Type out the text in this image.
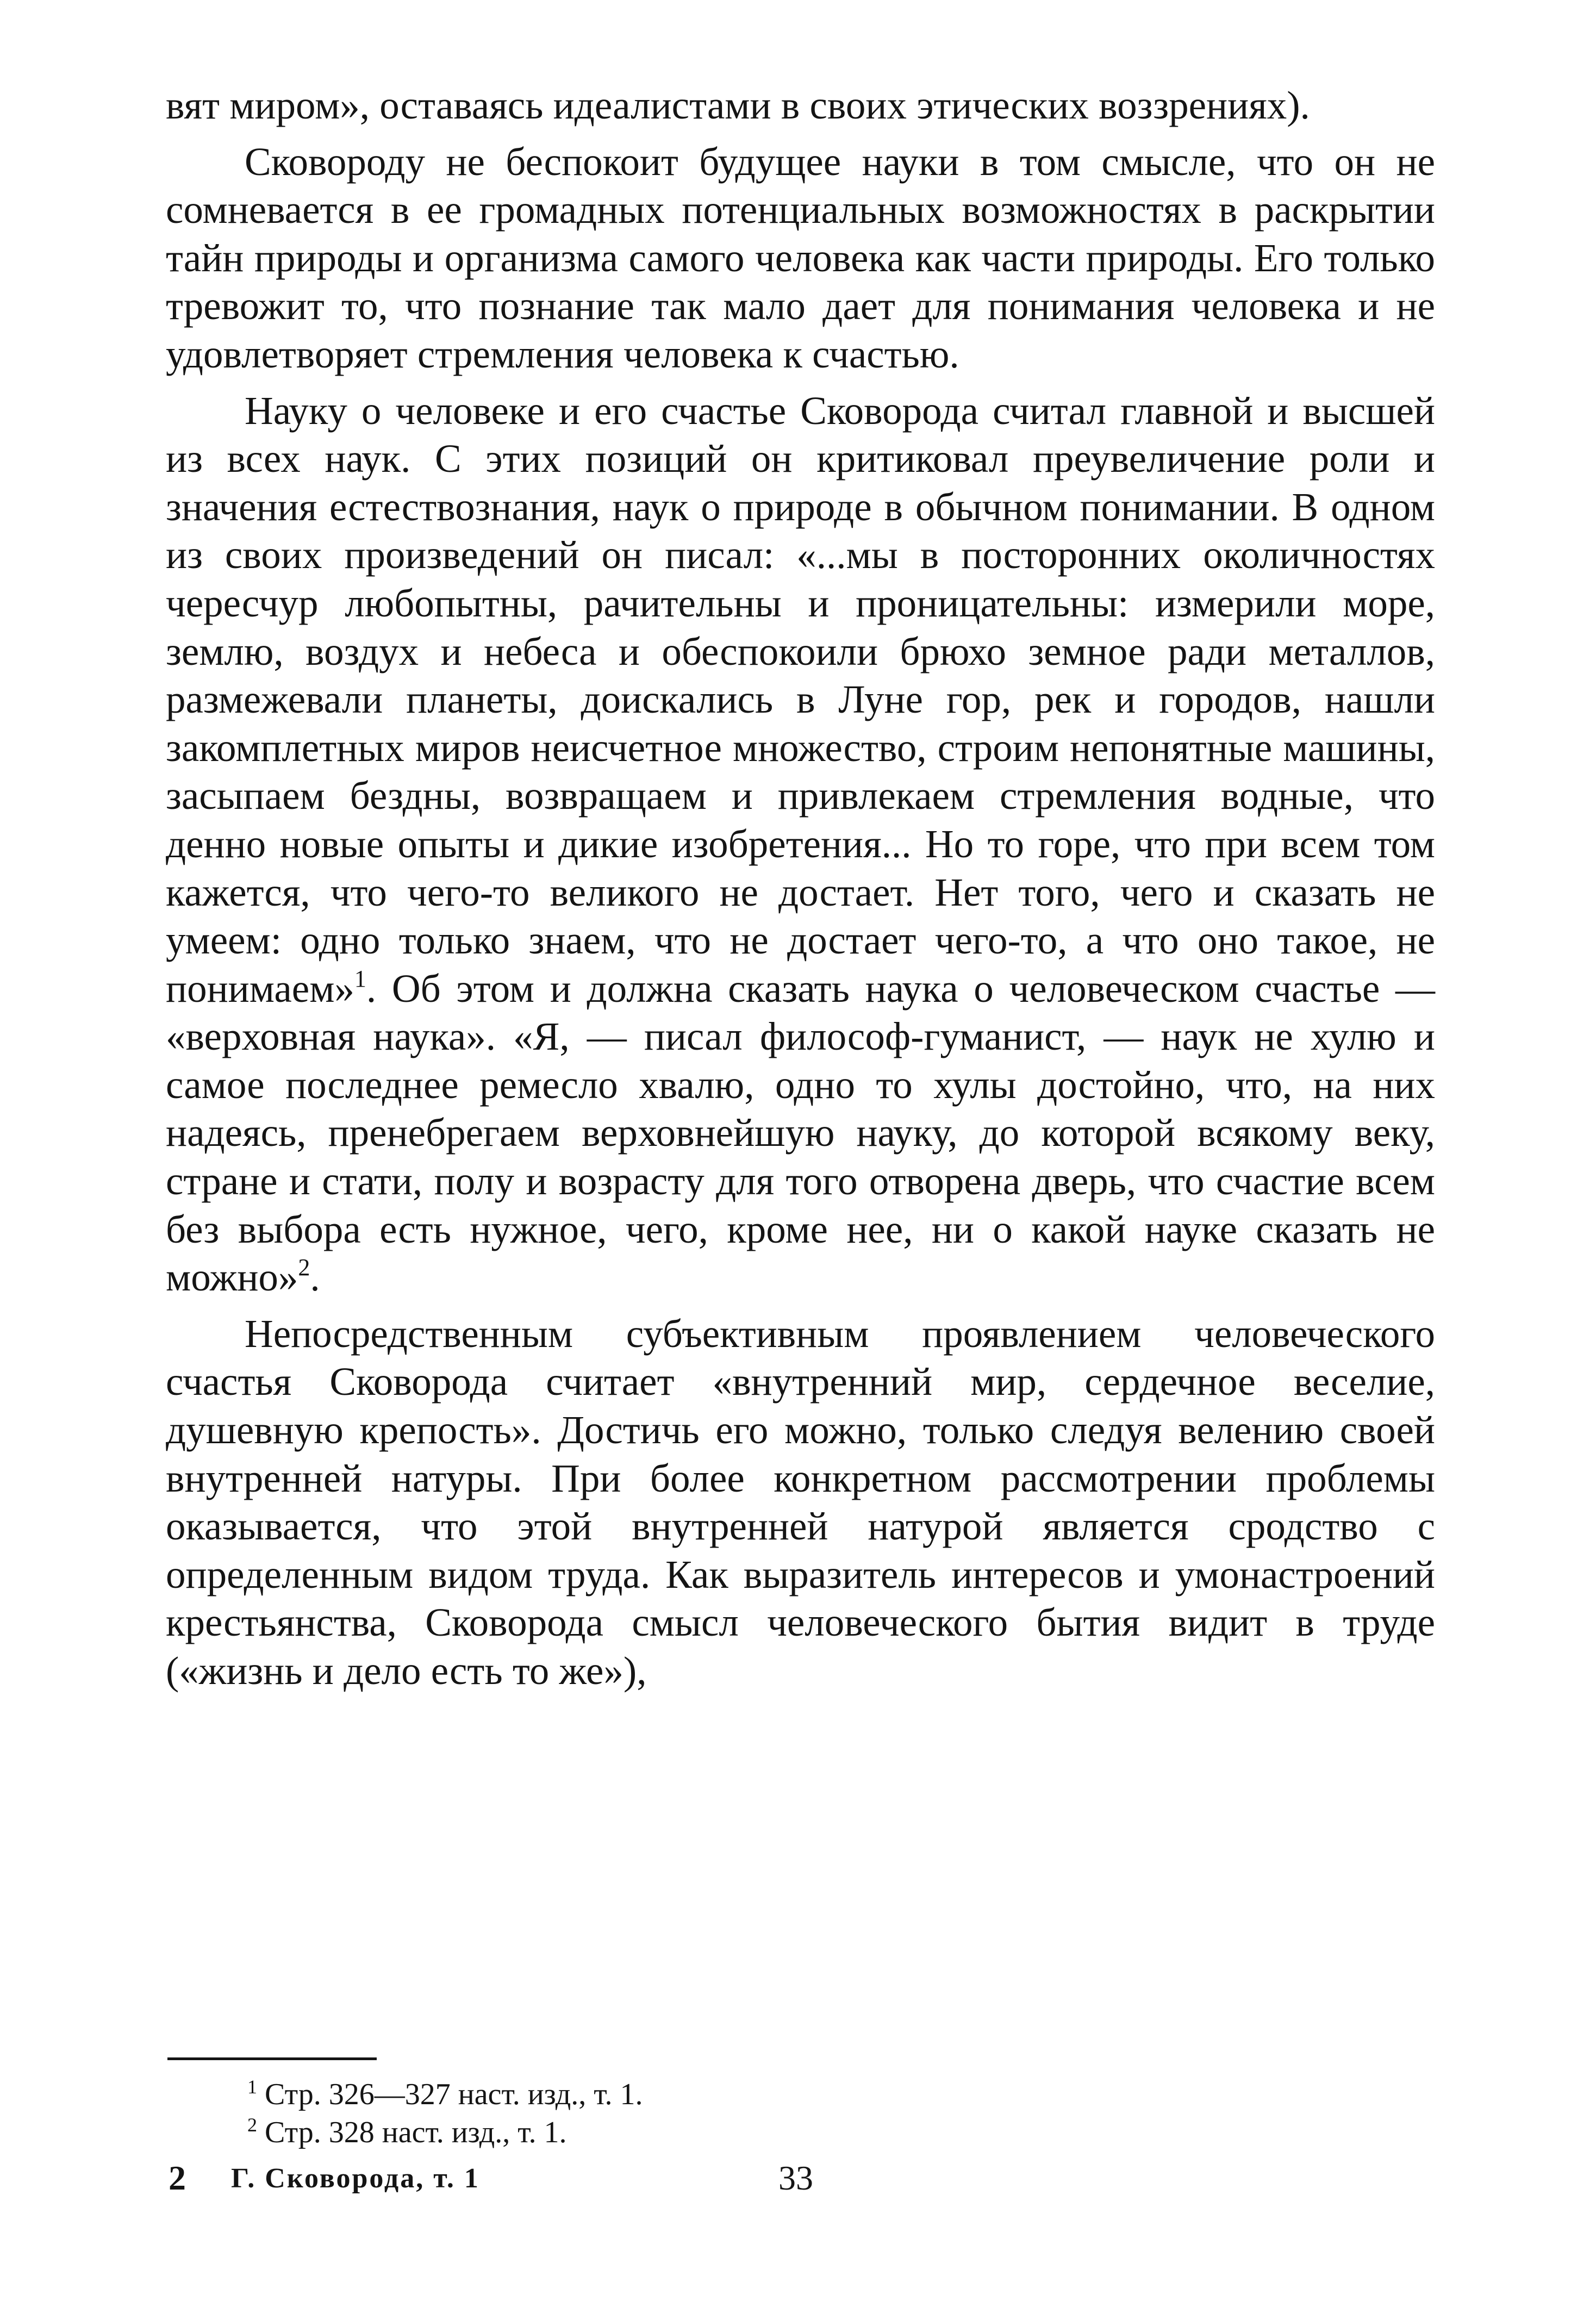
вят миром», оставаясь идеалистами в своих этических воззрениях).

Сковороду не беспокоит будущее науки в том смысле, что он не сомневается в ее громадных потенциальных возможностях в раскрытии тайн природы и организма самого человека как части природы. Его только тревожит то, что познание так мало дает для понимания человека и не удовлетворяет стремления человека к счастью.

Науку о человеке и его счастье Сковорода считал главной и высшей из всех наук. С этих позиций он критиковал преувеличение роли и значения естествознания, наук о природе в обычном понимании. В одном из своих произведений он писал: «...мы в посторонних околичностях чересчур любопытны, рачительны и проницательны: измерили море, землю, воздух и небеса и обеспокоили брюхо земное ради металлов, размежевали планеты, доискались в Луне гор, рек и городов, нашли закомплетных миров неисчетное множество, строим непонятные машины, засыпаем бездны, возвращаем и привлекаем стремления водные, что денно новые опыты и дикие изобретения... Но то горе, что при всем том кажется, что чего-то великого не достает. Нет того, чего и сказать не умеем: одно только знаем, что не достает чего-то, а что оно такое, не понимаем»$^1$. Об этом и должна сказать наука о человеческом счастье — «верховная наука». «Я, — писал философ-гуманист, — наук не хулю и самое последнее ремесло хвалю, одно то хулы достойно, что, на них надеясь, пренебрегаем верховнейшую науку, до которой всякому веку, стране и стати, полу и возрасту для того отворена дверь, что счастие всем без выбора есть нужное, чего, кроме нее, ни о какой науке сказать не можно»$^2$.

Непосредственным субъективным проявлением человеческого счастья Сковорода считает «внутренний мир, сердечное веселие, душевную крепость». Достичь его можно, только следуя велению своей внутренней натуры. При более конкретном рассмотрении проблемы оказывается, что этой внутренней натурой является сродство с определенным видом труда. Как выразитель интересов и умонастроений крестьянства, Сковорода смысл человеческого бытия видит в труде («жизнь и дело есть то же»),

$^1$ Стр. 326—327 наст. изд., т. 1.
$^2$ Стр. 328 наст. изд., т. 1.
2 Г. Сковорода, т. 1	33
